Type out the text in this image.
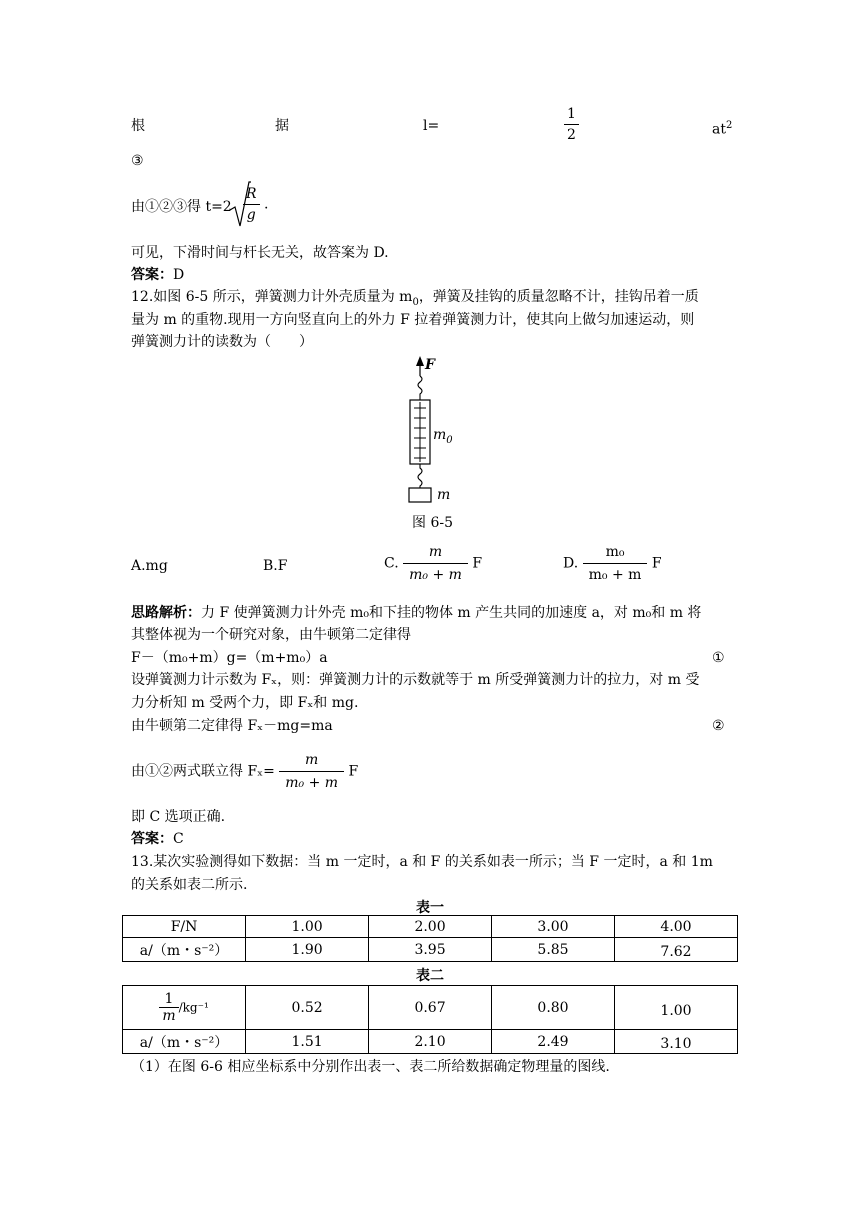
根	据	l=	$\frac{1}{2}$	$at^2$
③
由①②③得 $t=2 \frac{R}{g}$ .
可见，下滑时间与杆长无关，故答案为 D.
答案：D
12.如图 6-5 所示，弹簧测力计外壳质量为 $m_0$，弹簧及挂钩的质量忽略不计，挂钩吊着一质
量为 m 的重物.现用一方向竖直向上的外力 F 拉着弹簧测力计，使其向上做匀加速运动，则
弹簧测力计的读数为（　　）
F
$m_0$
m
图 6-5
A.mg	B.F	C. $\frac{m}{\text{m₀ + m}}$ F	D. $\frac{\text{m₀}}{\text{m₀ + m}}$ F
思路解析：力 F 使弹簧测力计外壳 m₀和下挂的物体 m 产生共同的加速度 a，对 m₀和 m 将
其整体视为一个研究对象，由牛顿第二定律得
F－（m₀+m）g=（m+m₀）a	①
设弹簧测力计示数为 Fₓ，则：弹簧测力计的示数就等于 m 所受弹簧测力计的拉力，对 m 受
力分析知 m 受两个力，即 Fₓ和 mg.
由牛顿第二定律得 Fₓ－mg=ma	②
由①②两式联立得 $F_x= \frac{m}{\text{m₀ + m}}$ F
即 C 选项正确.
答案：C
13.某次实验测得如下数据：当 m 一定时，a 和 F 的关系如表一所示；当 F 一定时，a 和 1m
的关系如表二所示.
表一
F/N	1.00	2.00	3.00	4.00
a/（m・s⁻²）	1.90	3.95	5.85	7.62
表二
$\frac{1}{m} /kg^{-1}$	0.52	0.67	0.80	1.00
a/（m・s⁻²）	1.51	2.10	2.49	3.10
（1）在图 6-6 相应坐标系中分别作出表一、表二所给数据确定物理量的图线.
